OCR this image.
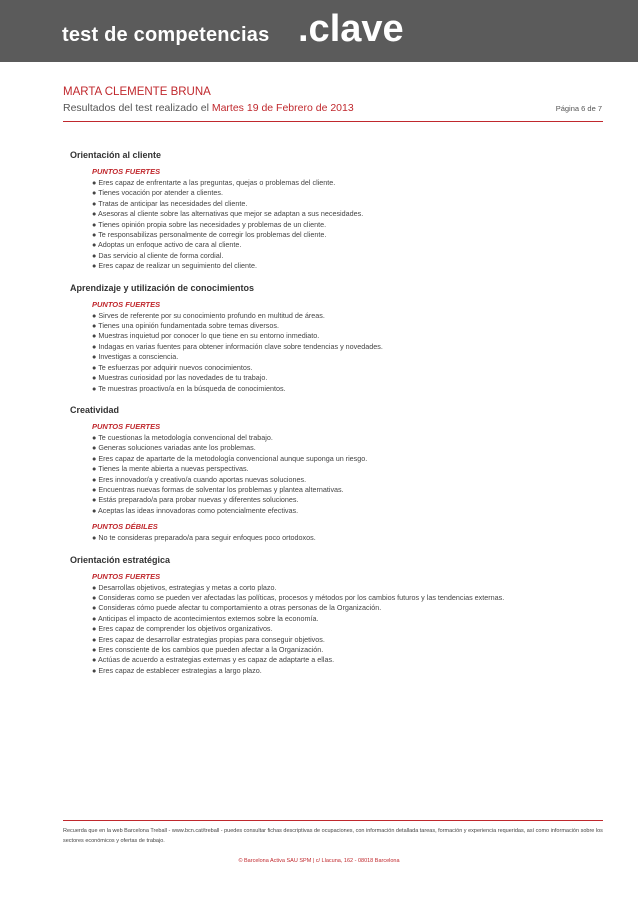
test de competencias .clave
MARTA CLEMENTE BRUNA
Resultados del test realizado el Martes 19 de Febrero de 2013	Página 6 de 7
Orientación al cliente
PUNTOS FUERTES
● Eres capaz de enfrentarte a las preguntas, quejas o problemas del cliente.
● Tienes vocación por atender a clientes.
● Tratas de anticipar las necesidades del cliente.
● Asesoras al cliente sobre las alternativas que mejor se adaptan a sus necesidades.
● Tienes opinión propia sobre las necesidades y problemas de un cliente.
● Te responsabilizas personalmente de corregir los problemas del cliente.
● Adoptas un enfoque activo de cara al cliente.
● Das servicio al cliente de forma cordial.
● Eres capaz de realizar un seguimiento del cliente.
Aprendizaje y utilización de conocimientos
PUNTOS FUERTES
● Sirves de referente por su conocimiento profundo en multitud de áreas.
● Tienes una opinión fundamentada sobre temas diversos.
● Muestras inquietud por conocer lo que tiene en su entorno inmediato.
● Indagas en varias fuentes para obtener información clave sobre tendencias y novedades.
● Investigas a consciencia.
● Te esfuerzas por adquirir nuevos conocimientos.
● Muestras curiosidad por las novedades de tu trabajo.
● Te muestras proactivo/a en la búsqueda de conocimientos.
Creatividad
PUNTOS FUERTES
● Te cuestionas la metodología convencional del trabajo.
● Generas soluciones variadas ante los problemas.
● Eres capaz de apartarte de la metodología convencional aunque suponga un riesgo.
● Tienes la mente abierta a nuevas perspectivas.
● Eres innovador/a y creativo/a cuando aportas nuevas soluciones.
● Encuentras nuevas formas de solventar los problemas y plantea alternativas.
● Estás preparado/a para probar nuevas y diferentes soluciones.
● Aceptas las ideas innovadoras como potencialmente efectivas.
PUNTOS DÉBILES
● No te consideras preparado/a para seguir enfoques poco ortodoxos.
Orientación estratégica
PUNTOS FUERTES
● Desarrollas objetivos, estrategias y metas a corto plazo.
● Consideras como se pueden ver afectadas las políticas, procesos y métodos por los cambios futuros y las tendencias externas.
● Consideras cómo puede afectar tu comportamiento a otras personas de la Organización.
● Anticipas el impacto de acontecimientos externos sobre la economía.
● Eres capaz de comprender los objetivos organizativos.
● Eres capaz de desarrollar estrategias propias para conseguir objetivos.
● Eres consciente de los cambios que pueden afectar a la Organización.
● Actúas de acuerdo a estrategias externas y es capaz de adaptarte a ellas.
● Eres capaz de establecer estrategias a largo plazo.
Recuerda que en la web Barcelona Treball - www.bcn.cat/treball - puedes consultar fichas descriptivas de ocupaciones, con información detallada tareas, formación y experiencia requeridas, así como información sobre los sectores económicos y ofertas de trabajo.
© Barcelona Activa SAU SPM | c/ Llacuna, 162 - 08018 Barcelona
